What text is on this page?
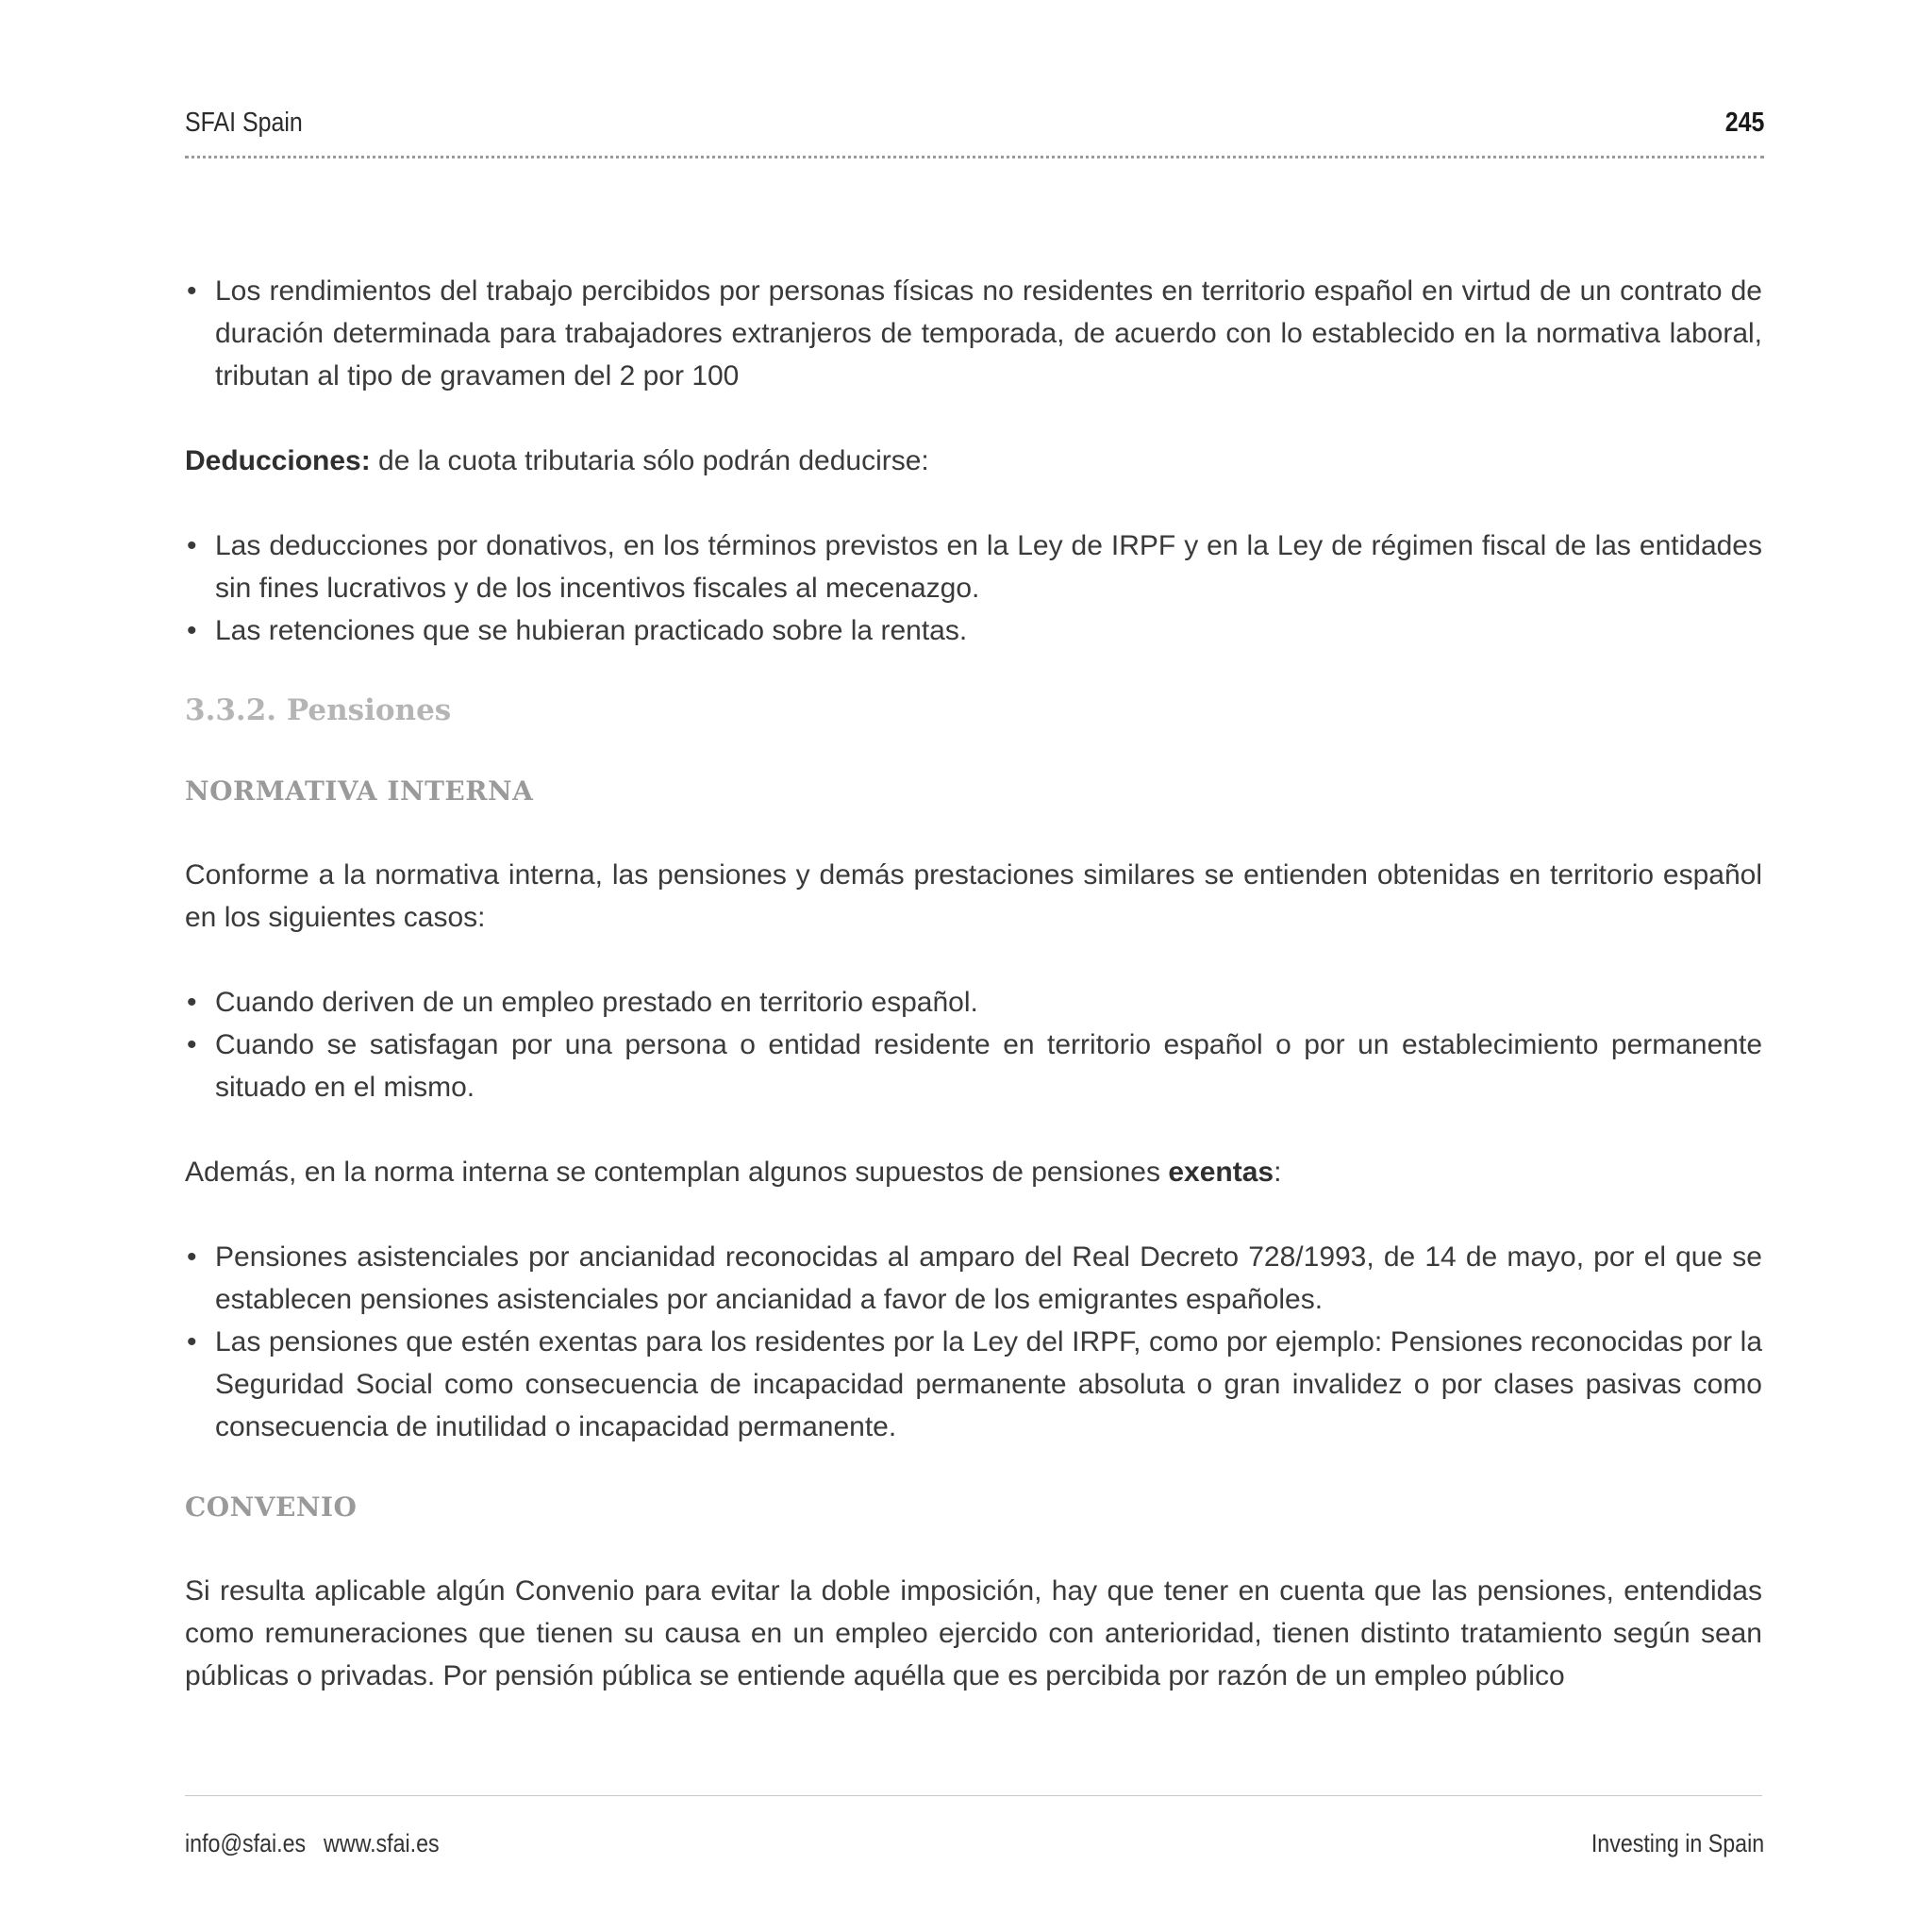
SFAI Spain	245
• Los rendimientos del trabajo percibidos por personas físicas no residentes en territorio español en virtud de un contrato de duración determinada para trabajadores extranjeros de temporada, de acuerdo con lo establecido en la normativa laboral, tributan al tipo de gravamen del 2 por 100

Deducciones: de la cuota tributaria sólo podrán deducirse:

• Las deducciones por donativos, en los términos previstos en la Ley de IRPF y en la Ley de régimen fiscal de las entidades sin fines lucrativos y de los incentivos fiscales al mecenazgo.
• Las retenciones que se hubieran practicado sobre la rentas.
3.3.2. Pensiones
NORMATIVA INTERNA

Conforme a la normativa interna, las pensiones y demás prestaciones similares se entienden obtenidas en territorio español en los siguientes casos:

• Cuando deriven de un empleo prestado en territorio español.
• Cuando se satisfagan por una persona o entidad residente en territorio español o por un establecimiento permanente situado en el mismo.

Además, en la norma interna se contemplan algunos supuestos de pensiones exentas:

• Pensiones asistenciales por ancianidad reconocidas al amparo del Real Decreto 728/1993, de 14 de mayo, por el que se establecen pensiones asistenciales por ancianidad a favor de los emigrantes españoles.
• Las pensiones que estén exentas para los residentes por la Ley del IRPF, como por ejemplo: Pensiones reconocidas por la Seguridad Social como consecuencia de incapacidad permanente absoluta o gran invalidez o por clases pasivas como consecuencia de inutilidad o incapacidad permanente.
CONVENIO

Si resulta aplicable algún Convenio para evitar la doble imposición, hay que tener en cuenta que las pensiones, entendidas como remuneraciones que tienen su causa en un empleo ejercido con anterioridad, tienen distinto tratamiento según sean públicas o privadas. Por pensión pública se entiende aquélla que es percibida por razón de un empleo público

info@sfai.es www.sfai.es	Investing in Spain
